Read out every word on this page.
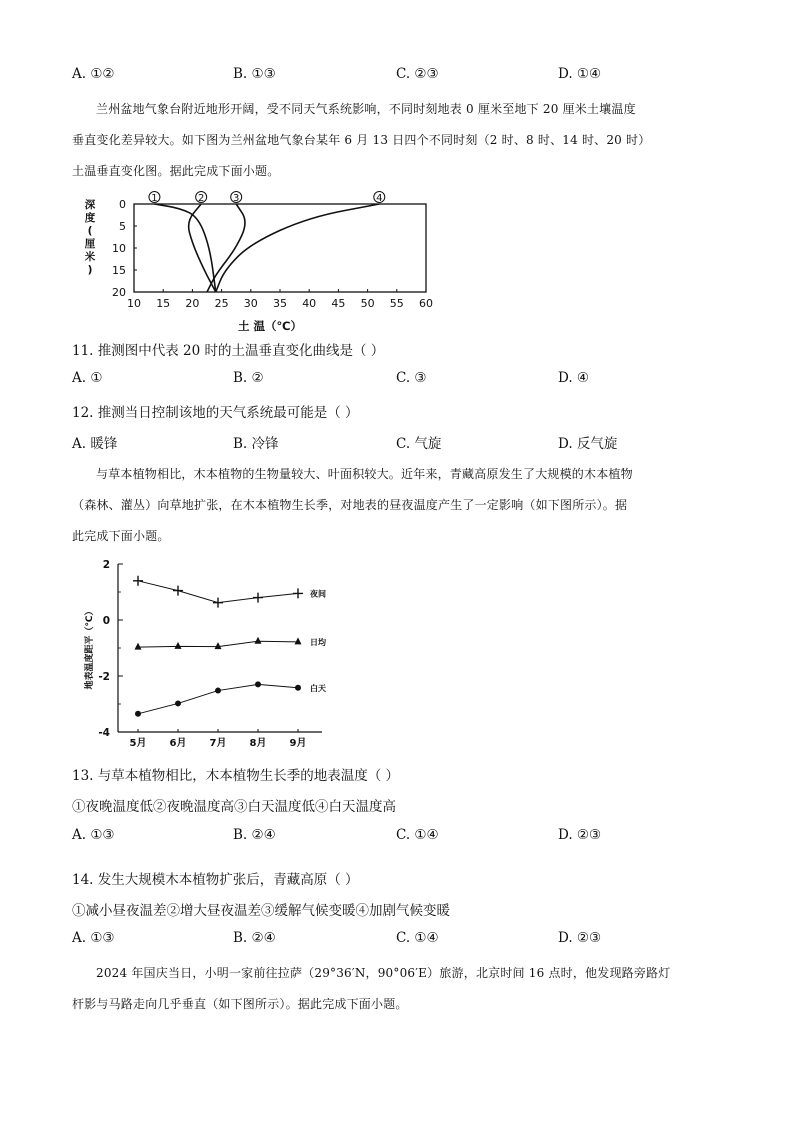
A. ①②	B. ①③	C. ②③	D. ①④
兰州盆地气象台附近地形开阔，受不同天气系统影响，不同时刻地表 0 厘米至地下 20 厘米土壤温度
垂直变化差异较大。如下图为兰州盆地气象台某年 6 月 13 日四个不同时刻（2 时、8 时、14 时、20 时）
土温垂直变化图。据此完成下面小题。
10 15 20 25 30 35 40 45 50 55 60
0
5
10
15
20
深度(厘米)
土 温（℃）
1	2	3	4
11. 推测图中代表 20 时的土温垂直变化曲线是（ ）
A. ①	B. ②	C. ③	D. ④
12. 推测当日控制该地的天气系统最可能是（ ）
A. 暖锋	B. 冷锋	C. 气旋	D. 反气旋
与草本植物相比，木本植物的生物量较大、叶面积较大。近年来，青藏高原发生了大规模的木本植物
（森林、灌丛）向草地扩张，在木本植物生长季，对地表的昼夜温度产生了一定影响（如下图所示）。据
此完成下面小题。
2
0
-2
-4
5月 6月 7月 8月 9月
地表温度距平（℃）
夜间
日均
白天
13. 与草本植物相比，木本植物生长季的地表温度（ ）
①夜晚温度低②夜晚温度高③白天温度低④白天温度高
A. ①③	B. ②④	C. ①④	D. ②③
14. 发生大规模木本植物扩张后，青藏高原（ ）
①减小昼夜温差②增大昼夜温差③缓解气候变暖④加剧气候变暖
A. ①③	B. ②④	C. ①④	D. ②③
2024 年国庆当日，小明一家前往拉萨（29°36′N，90°06′E）旅游，北京时间 16 点时，他发现路旁路灯
杆影与马路走向几乎垂直（如下图所示）。据此完成下面小题。
